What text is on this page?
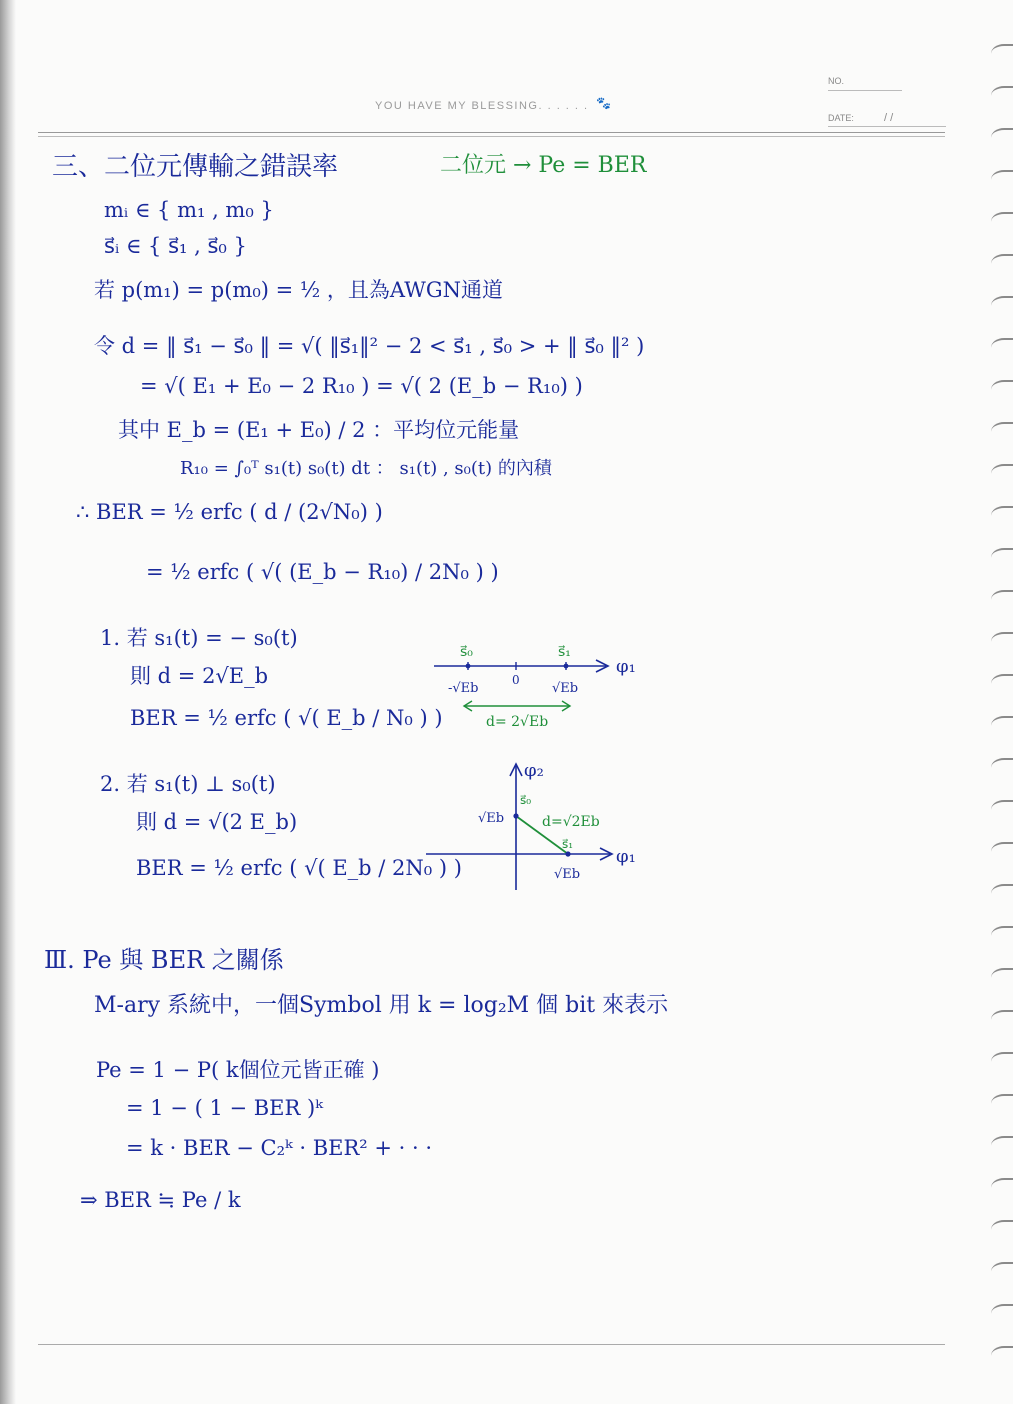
YOU HAVE MY BLESSING. . . . . . 🐾
NO.
DATE:	/ /
三、二位元傳輸之錯誤率	二位元 → Pe = BER
mᵢ ∈ { m₁ , m₀ }
s⃗ᵢ ∈ { s⃗₁ , s⃗₀ }
若 p(m₁) = p(m₀) = ½ ，且為AWGN通道
令 d = ‖ s⃗₁ − s⃗₀ ‖ = √( ‖s⃗₁‖² − 2 < s⃗₁ , s⃗₀ > + ‖ s⃗₀ ‖² )
= √( E₁ + E₀ − 2 R₁₀ ) = √( 2 (E_b − R₁₀) )
其中 E_b = (E₁ + E₀) / 2 ：平均位元能量
R₁₀ = ∫₀ᵀ s₁(t) s₀(t) dt ： s₁(t) , s₀(t) 的內積
∴ BER = ½ erfc ( d / (2√N₀) )
= ½ erfc ( √( (E_b − R₁₀) / 2N₀ ) )
1. 若 s₁(t) = − s₀(t)
則 d = 2√E_b
BER = ½ erfc ( √( E_b / N₀ ) )
s⃗₀	s⃗₁
φ₁
-√Eb
0
√Eb
d= 2√Eb
2. 若 s₁(t) ⊥ s₀(t)
則 d = √(2 E_b)
BER = ½ erfc ( √( E_b / 2N₀ ) )
φ₂
φ₁
√Eb
√Eb
s⃗₀
s⃗₁
d=√2Eb
Ⅲ. Pe 與 BER 之關係
M-ary 系統中，一個Symbol 用 k = log₂M 個 bit 來表示
Pe = 1 − P( k個位元皆正確 )
= 1 − ( 1 − BER )ᵏ
= k · BER − C₂ᵏ · BER² + · · ·
⇒ BER ≒ Pe / k
